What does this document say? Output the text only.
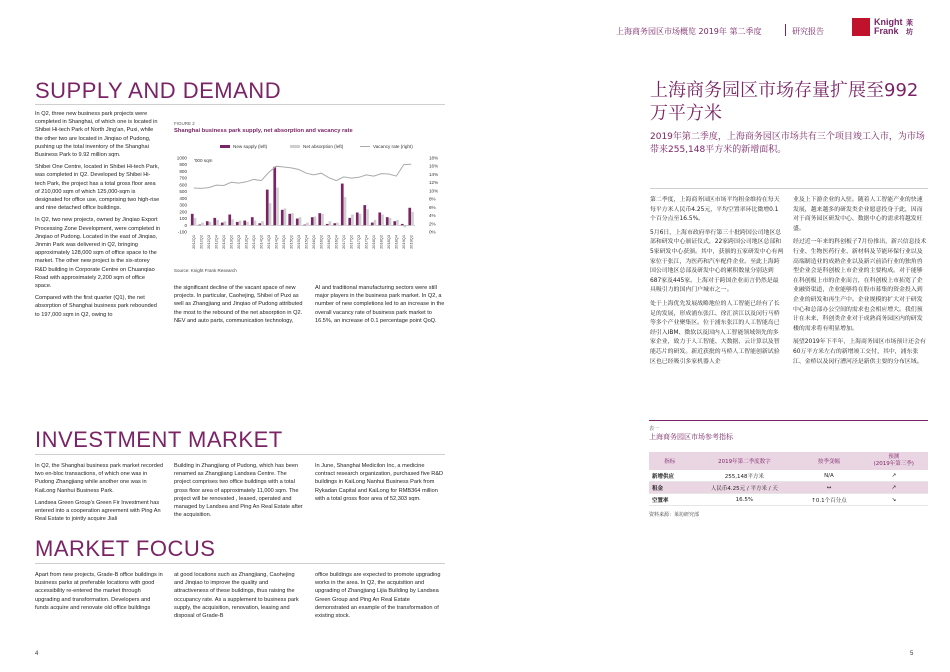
上海商务园区市场概览 2019年 第二季度	研究报告
Knight
Frank
莱
坊
SUPPLY AND DEMAND

In Q2, three new business park projects were completed in Shanghai, of which one is located in Shibei Hi-tech Park of North Jing'an, Puxi, while the other two are located in Jinqiao of Pudong, pushing up the total inventory of the Shanghai Business Park to 9.92 million sqm.

Shibei One Centre, located in Shibei Hi-tech Park, was completed in Q2. Developed by Shibei Hi-tech Park, the project has a total gross floor area of 210,000 sqm of which 125,000-sqm is designated for office use, comprising two high-rise and nine detached office buildings.

In Q2, two new projects, owned by Jinqiao Export Processing Zone Development, were completed in Jinqiao of Pudong. Located in the east of Jinqiao, Jinmin Park was delivered in Q2, bringing approximately 128,000 sqm of office space to the market. The other new project is the six-storey R&D building in Corporate Centre on Chuanqiao Road with approximately 2,200 sqm of office space.

Compared with the first quarter (Q1), the net absorption of Shanghai business park rebounded to 197,000 sqm in Q2, owing to

FIGURE 2
Shanghai business park supply, net absorption and vacancy rate
1000
900
800
700
600
500
400
300
200
100
0
-100
18%
16%
14%
12%
10%
8%
6%
4%
2%
0%
'000 sqm
New supply (left)	Net absorption (left)	Vacancy rate (right)
2012Q1 2012Q2 2012Q3 2012Q4 2013Q1 2013Q2 2013Q3 2013Q4 2014Q1 2014Q2 2014Q3 2014Q4 2015Q1 2015Q2 2015Q3 2015Q4 2016Q1 2016Q2 2016Q3 2016Q4 2017Q1 2017Q2 2017Q3 2017Q4 2018Q1 2018Q2 2018Q3 2018Q4 2019Q1 2019Q2
Source: Knight Frank Research

the significant decline of the vacant space of new projects. In particular, Caohejing, Shibei of Puxi as well as Zhangjiang and Jinqiao of Pudong attributed the most to the rebound of the net absorption in Q2. NEV and auto parts, communication technology,

AI and traditional manufacturing sectors were still major players in the business park market. In Q2, a number of new completions led to an increase in the overall vacancy rate of business park market to 16.5%, an increase of 0.1 percentage point QoQ.

INVESTMENT MARKET

In Q2, the Shanghai business park market recorded two en-bloc transactions, of which one was in Pudong Zhangjiang while another one was in KaiLong Nanhui Business Park.

Landsea Green Group's Green Fir Investment has entered into a cooperation agreement with Ping An Real Estate to jointly acquire Jiali

Building in Zhangjiang of Pudong, which has been renamed as Zhangjiang Landsea Centre. The project comprises two office buildings with a total gross floor area of approximately 11,000 sqm. The project will be renovated , leased, operated and managed by Landsea and Ping An Real Estate after the acquisition.

In June, Shanghai Medicilon Inc, a medicine contract research organization, purchased five R&D buildings in KaiLong Nanhui Business Park from Rykadan Capital and KaiLong for RMB364 million with a total gross floor area of 52,303 sqm.

MARKET FOCUS

Apart from new projects, Grade-B office buildings in business parks at preferable locations with good accessibility re-entered the market through upgrading and transformation. Developers and funds acquire and renovate old office buildings

at good locations such as Zhangjiang, Caohejing and Jinqiao to improve the quality and attractiveness of these buildings, thus raising the occupancy rate. As a supplement to business park supply, the acquisition, renovation, leasing and disposal of Grade-B

office buildings are expected to promote upgrading works in the area. In Q2, the acquisition and upgrading of Zhangjiang Lijia Building by Landsea Green Group and Ping An Real Estate demonstrated an example of the transformation of existing stock.

4
上海商务园区市场存量扩展至992万平方米
2019年第二季度，上海商务园区市场共有三个项目竣工入市，为市场带来255,148平方米的新增面积。

第二季度，上海商务园区市场平均租金维持在每天每平方米人民币4.25元，平均空置率环比微增0.1个百分点至16.5%。

5月6日，上海市政府举行第三十批跨国公司地区总部和研发中心颁证仪式，22家跨国公司地区总部和5家研发中心获颁。其中，获颁的五家研发中心有两家位于张江，为医药和汽车配件企业。至此上海跨国公司地区总部及研发中心的累积数量分别达到687家及445家。上海对于跨国企业而言仍然是最具吸引力的国内门户城市之一。

处于上海优先发展战略地位的人工智能已经有了长足的发展，形成浦东张江、徐汇滨江以及闵行马桥等多个产业聚集区。位于浦东张江的人工智能岛已经引入IBM、微软以及国内人工智能领域领先的多家企业，致力于人工智能、大数据、云计算以及智能芯片的研发。新近获批的马桥人工智能创新试验区也已经吸引多家机器人企

业及上下游企业的入驻。随着人工智能产业的快速发展，越来越多的研发类企业愿意投身于此，因而对于商务园区研发中心、数据中心的需求将越发旺盛。

经过近一年来的科创板子7月份推出，新兴信息技术行业、生物医药行业、新材料及节能环保行业以及高端制造业的成熟企业以及新兴前沿行业的独角兽型企业会是科创板上市企业的主要构成。对于能够在科创板上市的企业而言，在科创板上市拓宽了企业融资渠道，企业能够将在股市募集的资金投入到企业的研发和再生产中。企业规模的扩大对于研发中心和总部办公空间的需求也会相应增大。我们预计在未来，科创类企业对于成熟商务园区内的研发楼的需求将有明显增加。

展望2019年下半年，上海商务园区市场预计还会有60万平方米左右的新增竣工交付，其中，浦东张江、金桥以及闵行漕河泾是新供主要的分布区域。

表一
上海商务园区市场参考指标
指标	2019年第二季度数字	按季变幅	预测
(2019年第三季)
新增供应	255,148平方米	N/A	↗
租金	人民币4.25元 / 平方米 / 天	↔	↗
空置率	16.5%	↑0.1个百分点	↘
资料来源：莱坊研究部
5
